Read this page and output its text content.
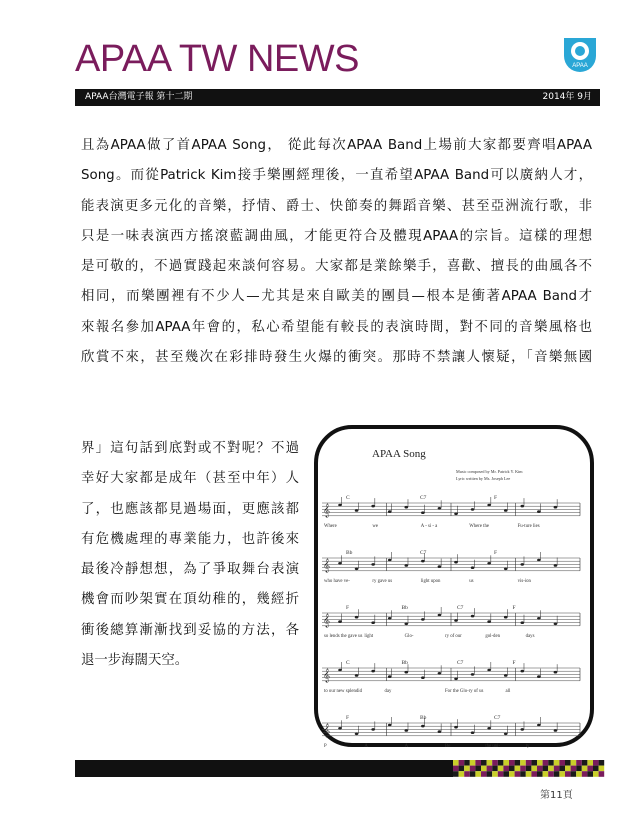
APAA TW NEWS	APAA
APAA台灣電子報 第十二期	2014年 9月
且為APAA做了首APAA Song， 從此每次APAA Band上場前大家都要齊唱APAA
Song。而從Patrick Kim接手樂團經理後，一直希望APAA Band可以廣納人才，
能表演更多元化的音樂，抒情、爵士、快節奏的舞蹈音樂、甚至亞洲流行歌，非
只是一味表演西方搖滾藍調曲風，才能更符合及體現APAA的宗旨。這樣的理想
是可敬的，不過實踐起來談何容易。大家都是業餘樂手，喜歡、擅長的曲風各不
相同，而樂團裡有不少人—尤其是來自歐美的團員—根本是衝著APAA Band才
來報名參加APAA年會的，私心希望能有較長的表演時間，對不同的音樂風格也
欣賞不來，甚至幾次在彩排時發生火爆的衝突。那時不禁讓人懷疑，「音樂無國
界」這句話到底對或不對呢？不過
幸好大家都是成年（甚至中年）人
了，也應該都見過場面，更應該都
有危機處理的專業能力，也許後來
最後冷靜想想，為了爭取舞台表演
機會而吵架實在頂幼稚的，幾經折
衝後總算漸漸找到妥協的方法，各
退一步海闊天空。
APAA Song
Music composed by Mr. Patrick Y. Kim
Lyric written by Ms. Joseph Lee
C	C7	F
𝄞
Where	we	A - si - a	Where the	Fu-ture lies
Bb	C7	F
𝄞
who have ve-	ry gave us	light upon	us	vis-ion
F	Bb	C7	F
𝄞
so lends the gave us light	Glo-	ry of our	gol-den	days
C	Bb	C7	F
𝄞
to our new splendid	day	For the Glo-ry of us	all
F	Bb	C7
𝄞
P	A	A	Be	the uni-	ty
第11頁
